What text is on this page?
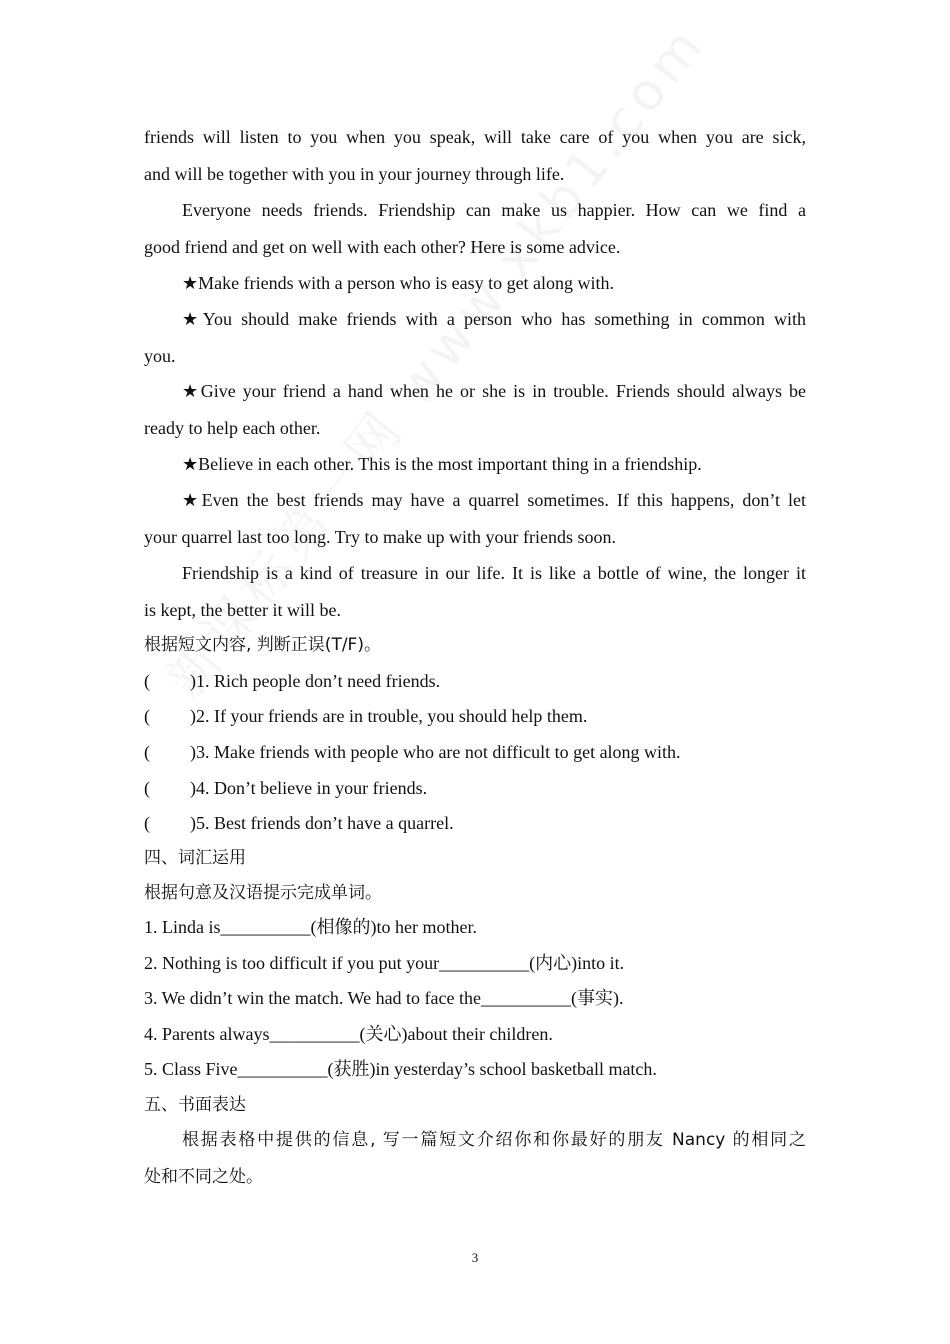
friends will listen to you when you speak, will take care of you when you are sick,
and will be together with you in your journey through life.
Everyone needs friends. Friendship can make us happier. How can we find a
good friend and get on well with each other? Here is some advice.
★Make friends with a person who is easy to get along with.
★You should make friends with a person who has something in common with
you.
★Give your friend a hand when he or she is in trouble. Friends should always be
ready to help each other.
★Believe in each other. This is the most important thing in a friendship.
★Even the best friends may have a quarrel sometimes. If this happens, don’t let
your quarrel last too long. Try to make up with your friends soon.
Friendship is a kind of treasure in our life. It is like a bottle of wine, the longer it
is kept, the better it will be.
根据短文内容, 判断正误(T/F)。
( )1. Rich people don’t need friends.
( )2. If your friends are in trouble, you should help them.
( )3. Make friends with people who are not difficult to get along with.
( )4. Don’t believe in your friends.
( )5. Best friends don’t have a quarrel.
四、词汇运用
根据句意及汉语提示完成单词。
1. Linda is__________(相像的)to her mother.
2. Nothing is too difficult if you put your__________(内心)into it.
3. We didn’t win the match. We had to face the__________(事实).
4. Parents always__________(关心)about their children.
5. Class Five__________(获胜)in yesterday’s school basketball match.
五、书面表达
根据表格中提供的信息, 写一篇短文介绍你和你最好的朋友 Nancy 的相同之
处和不同之处。
3
